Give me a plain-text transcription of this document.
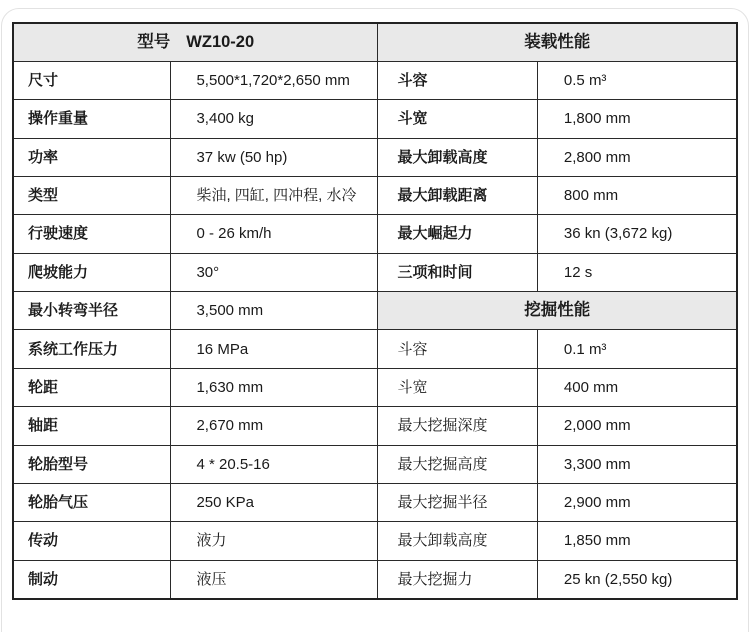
型号 WZ10-20	装载性能
尺寸	5,500*1,720*2,650 mm	斗容	0.5 m³
操作重量	3,400 kg	斗宽	1,800 mm
功率	37 kw (50 hp)	最大卸载高度	2,800 mm
类型	柴油, 四缸, 四冲程, 水冷	最大卸载距离	800 mm
行驶速度	0 - 26 km/h	最大崛起力	36 kn (3,672 kg)
爬坡能力	30°	三项和时间	12 s
最小转弯半径	3,500 mm	挖掘性能
系统工作压力	16 MPa	斗容	0.1 m³
轮距	1,630 mm	斗宽	400 mm
轴距	2,670 mm	最大挖掘深度	2,000 mm
轮胎型号	4 * 20.5-16	最大挖掘高度	3,300 mm
轮胎气压	250 KPa	最大挖掘半径	2,900 mm
传动	液力	最大卸载高度	1,850 mm
制动	液压	最大挖掘力	25 kn (2,550 kg)
